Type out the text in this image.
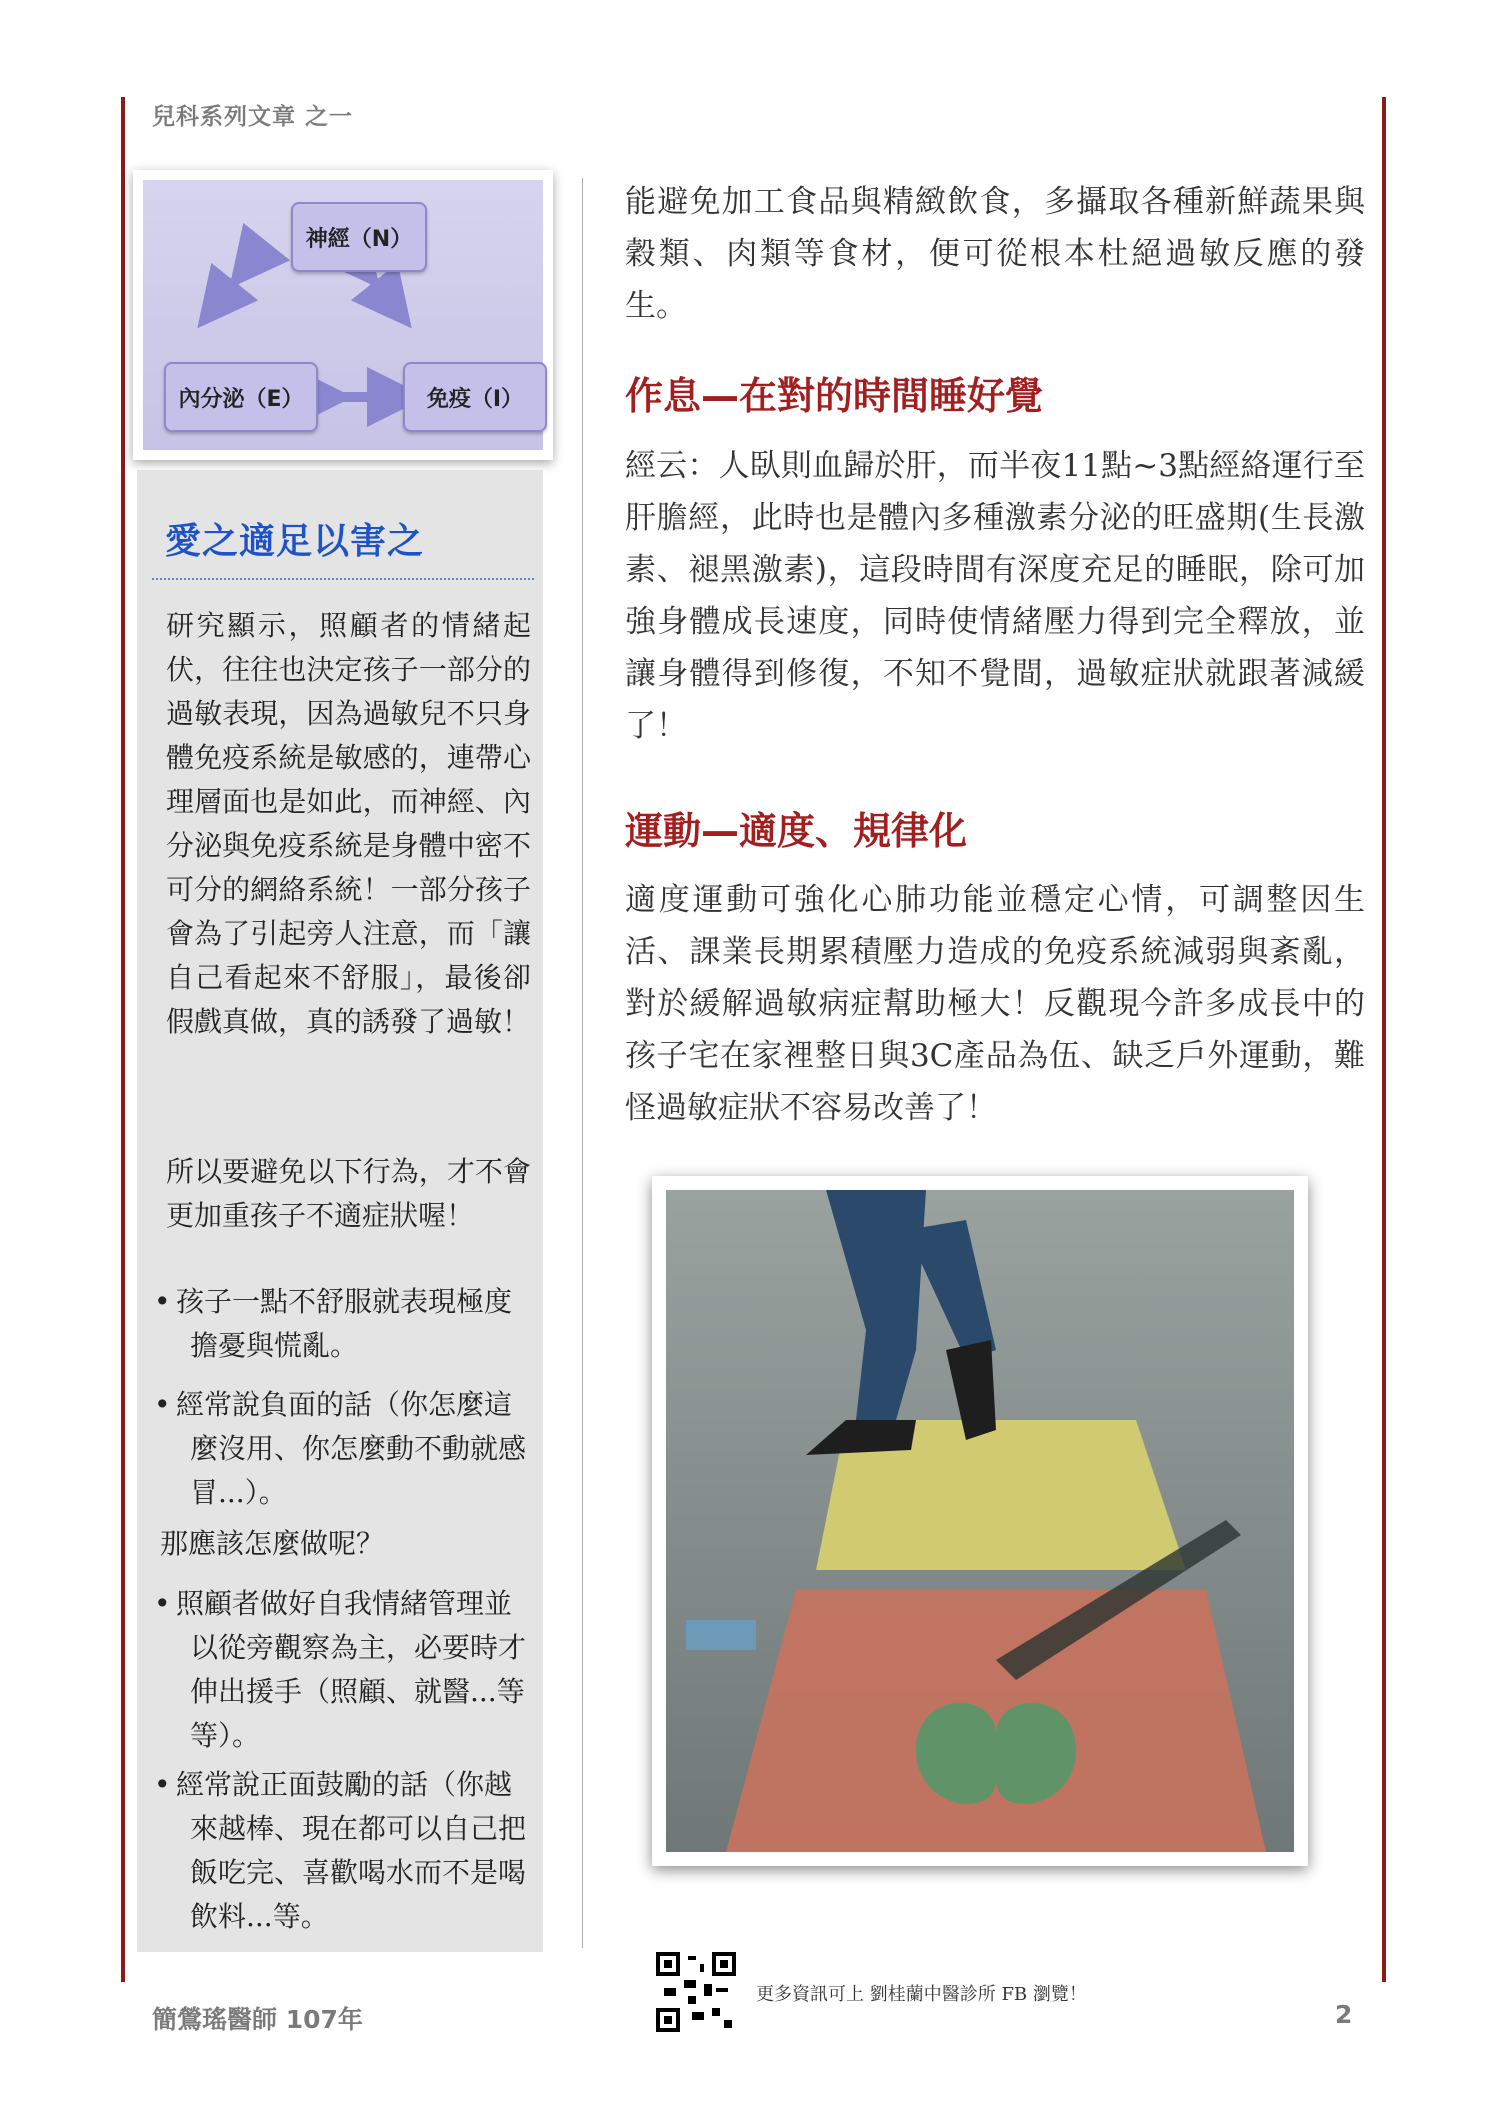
兒科系列文章 之一
神經（N）
內分泌（E）	免疫（I）
愛之適足以害之
研究顯示，照顧者的情緒起伏，往往也決定孩子一部分的過敏表現，因為過敏兒不只身體免疫系統是敏感的，連帶心理層面也是如此，而神經、內分泌與免疫系統是身體中密不可分的網絡系統！一部分孩子會為了引起旁人注意，而「讓自己看起來不舒服」，最後卻假戲真做，真的誘發了過敏！
所以要避免以下行為，才不會更加重孩子不適症狀喔！
• 孩子一點不舒服就表現極度擔憂與慌亂。
• 經常說負面的話（你怎麼這麼沒用、你怎麼動不動就感冒...）。
那應該怎麼做呢？
• 照顧者做好自我情緒管理並以從旁觀察為主，必要時才伸出援手（照顧、就醫...等等）。
• 經常說正面鼓勵的話（你越來越棒、現在都可以自己把飯吃完、喜歡喝水而不是喝飲料...等。
能避免加工食品與精緻飲食，多攝取各種新鮮蔬果與穀類、肉類等食材，便可從根本杜絕過敏反應的發生。
作息—在對的時間睡好覺
經云：人臥則血歸於肝，而半夜11點~3點經絡運行至肝膽經，此時也是體內多種激素分泌的旺盛期(生長激素、褪黑激素)，這段時間有深度充足的睡眠，除可加強身體成長速度，同時使情緒壓力得到完全釋放，並讓身體得到修復，不知不覺間，過敏症狀就跟著減緩了！
運動—適度、規律化
適度運動可強化心肺功能並穩定心情，可調整因生活、課業長期累積壓力造成的免疫系統減弱與紊亂，對於緩解過敏病症幫助極大！反觀現今許多成長中的孩子宅在家裡整日與3C產品為伍、缺乏戶外運動，難怪過敏症狀不容易改善了！
簡鶯瑤醫師 107年
更多資訊可上 劉桂蘭中醫診所 FB 瀏覽！
2
